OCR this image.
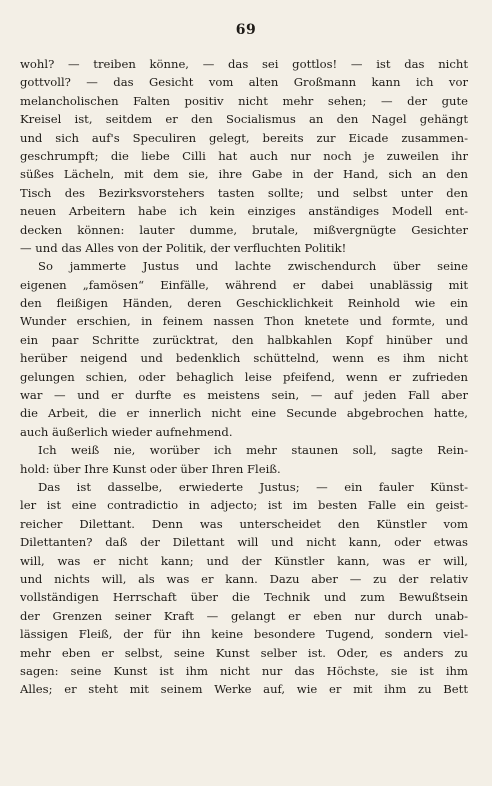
69
wohl? — treiben könne, — das sei gottlos! — ist das nicht
gottvoll? — das Gesicht vom alten Großmann kann ich vor
melancholischen Falten positiv nicht mehr sehen; — der gute
Kreisel ist, seitdem er den Socialismus an den Nagel gehängt
und sich auf's Speculiren gelegt, bereits zur Eicade zusammen-
geschrumpft; die liebe Cilli hat auch nur noch je zuweilen ihr
süßes Lächeln, mit dem sie, ihre Gabe in der Hand, sich an den
Tisch des Bezirksvorstehers tasten sollte; und selbst unter den
neuen Arbeitern habe ich kein einziges anständiges Modell ent-
decken können: lauter dumme, brutale, mißvergnügte Gesichter
— und das Alles von der Politik, der verfluchten Politik!
So jammerte Justus und lachte zwischendurch über seine
eigenen „famösen“ Einfälle, während er dabei unablässig mit
den fleißigen Händen, deren Geschicklichkeit Reinhold wie ein
Wunder erschien, in feinem nassen Thon knetete und formte, und
ein paar Schritte zurücktrat, den halbkahlen Kopf hinüber und
herüber neigend und bedenklich schüttelnd, wenn es ihm nicht
gelungen schien, oder behaglich leise pfeifend, wenn er zufrieden
war — und er durfte es meistens sein, — auf jeden Fall aber
die Arbeit, die er innerlich nicht eine Secunde abgebrochen hatte,
auch äußerlich wieder aufnehmend.
Ich weiß nie, worüber ich mehr staunen soll, sagte Rein-
hold: über Ihre Kunst oder über Ihren Fleiß.
Das ist dasselbe, erwiederte Justus; — ein fauler Künst-
ler ist eine contradictio in adjecto; ist im besten Falle ein geist-
reicher Dilettant. Denn was unterscheidet den Künstler vom
Dilettanten? daß der Dilettant will und nicht kann, oder etwas
will, was er nicht kann; und der Künstler kann, was er will,
und nichts will, als was er kann. Dazu aber — zu der relativ
vollständigen Herrschaft über die Technik und zum Bewußtsein
der Grenzen seiner Kraft — gelangt er eben nur durch unab-
lässigen Fleiß, der für ihn keine besondere Tugend, sondern viel-
mehr eben er selbst, seine Kunst selber ist. Oder, es anders zu
sagen: seine Kunst ist ihm nicht nur das Höchste, sie ist ihm
Alles; er steht mit seinem Werke auf, wie er mit ihm zu Bett
